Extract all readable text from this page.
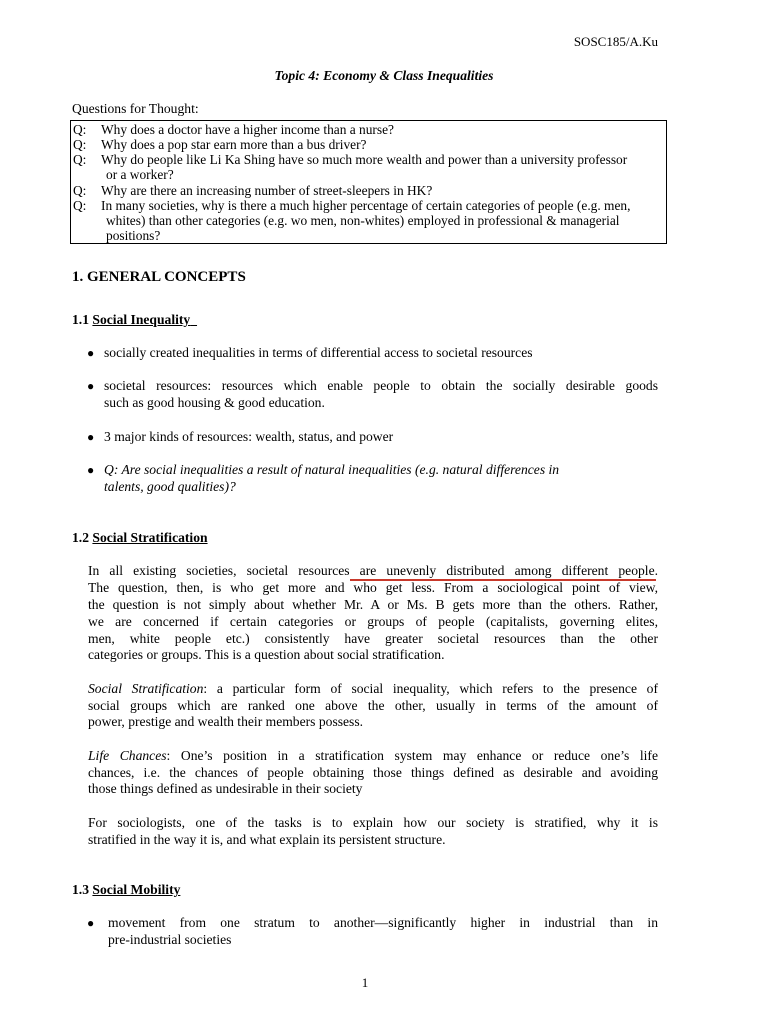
SOSC185/A.Ku
Topic 4: Economy & Class Inequalities
Questions for Thought:
Q:	Why does a doctor have a higher income than a nurse?
Q:	Why does a pop star earn more than a bus driver?
Q:	Why do people like Li Ka Shing have so much more wealth and power than a university professor
or a worker?
Q:	Why are there an increasing number of street-sleepers in HK?
Q:	In many societies, why is there a much higher percentage of certain categories of people (e.g. men,
whites) than other categories (e.g. wo men, non-whites) employed in professional & managerial
positions?
1. GENERAL CONCEPTS
1.1 Social Inequality
● socially created inequalities in terms of differential access to societal resources
● societal resources: resources which enable people to obtain the socially desirable goods
such as good housing & good education.
● 3 major kinds of resources: wealth, status, and power
● Q: Are social inequalities a result of natural inequalities (e.g. natural differences in
talents, good qualities)?
1.2 Social Stratification
In all existing societies, societal resources are unevenly distributed among different people.
The question, then, is who get more and who get less. From a sociological point of view,
the question is not simply about whether Mr. A or Ms. B gets more than the others. Rather,
we are concerned if certain categories or groups of people (capitalists, governing elites,
men, white people etc.) consistently have greater societal resources than the other
categories or groups. This is a question about social stratification.
Social Stratification: a particular form of social inequality, which refers to the presence of
social groups which are ranked one above the other, usually in terms of the amount of
power, prestige and wealth their members possess.
Life Chances: One’s position in a stratification system may enhance or reduce one’s life
chances, i.e. the chances of people obtaining those things defined as desirable and avoiding
those things defined as undesirable in their society
For sociologists, one of the tasks is to explain how our society is stratified, why it is
stratified in the way it is, and what explain its persistent structure.
1.3 Social Mobility
● movement from one stratum to another—significantly higher in industrial than in
pre-industrial societies
1
